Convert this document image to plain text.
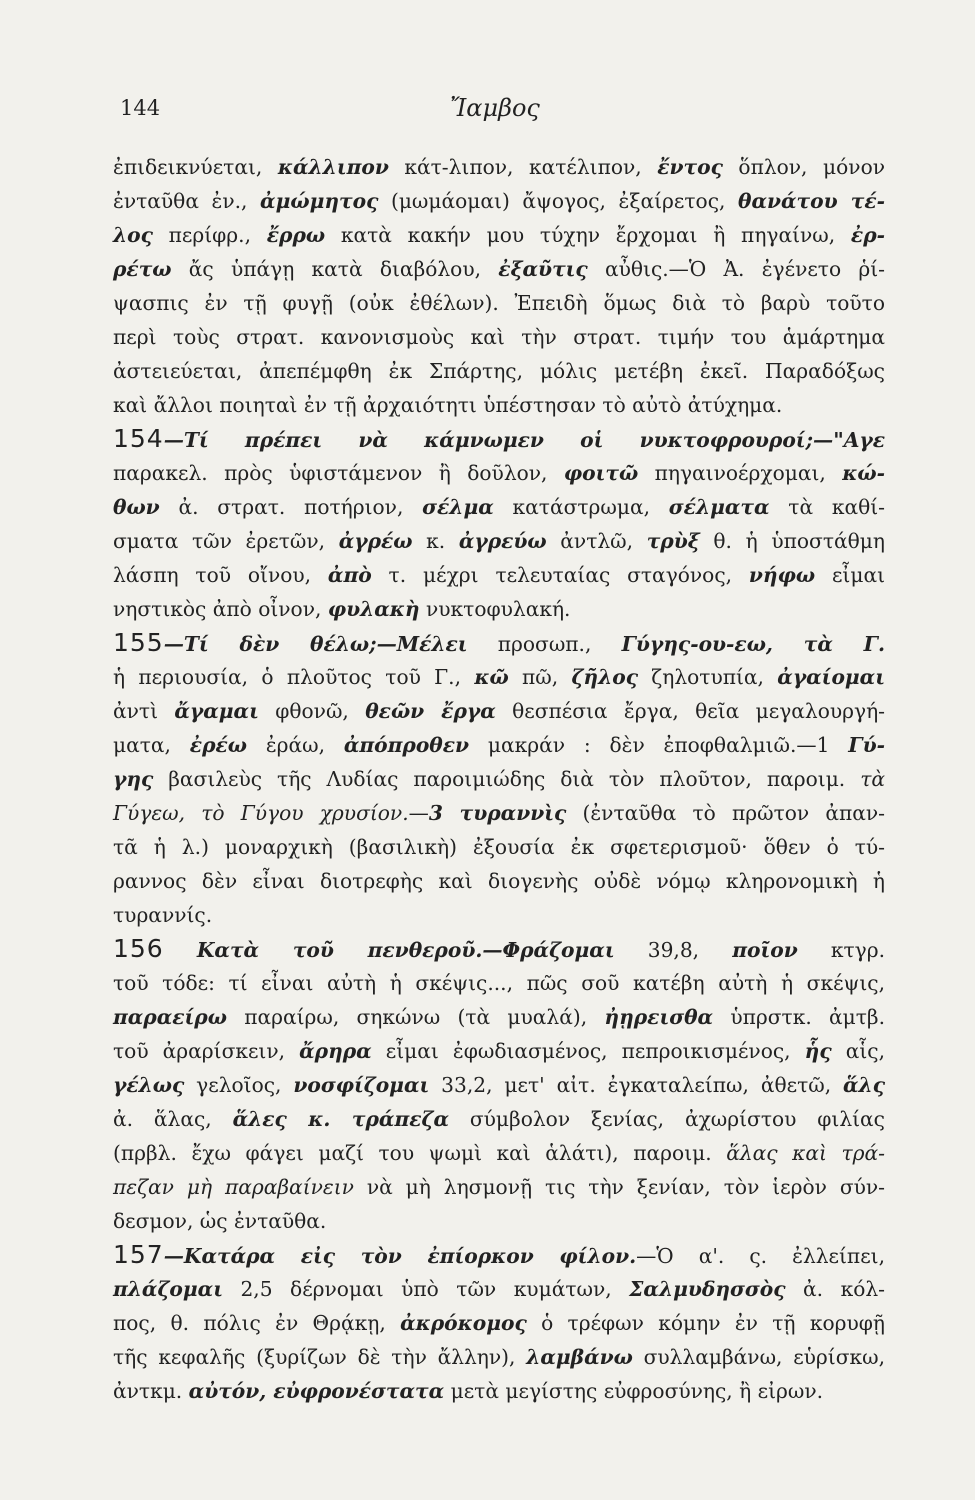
144	Ἴαμβος
ἐπιδεικνύεται, κάλλιπον κάτ-λιπον, κατέλιπον, ἔντος ὅπλον, μόνον
ἐνταῦθα ἐν., ἀμώμητος (μωμάομαι) ἄψογος, ἐξαίρετος, θανάτου τέ-
λος περίφρ., ἔρρω κατὰ κακήν μου τύχην ἔρχομαι ἢ πηγαίνω, ἐρ-
ρέτω ἄς ὑπάγῃ κατὰ διαβόλου, ἐξαῦτις αὖθις.—Ὁ Ἀ. ἐγένετο ῥί-
ψασπις ἐν τῇ φυγῇ (οὐκ ἐθέλων). Ἐπειδὴ ὅμως διὰ τὸ βαρὺ τοῦτο
περὶ τοὺς στρατ. κανονισμοὺς καὶ τὴν στρατ. τιμήν του ἁμάρτημα
ἀστειεύεται, ἀπεπέμφθη ἐκ Σπάρτης, μόλις μετέβη ἐκεῖ. Παραδόξως
καὶ ἄλλοι ποιηταὶ ἐν τῇ ἀρχαιότητι ὑπέστησαν τὸ αὐτὸ ἀτύχημα.
154—Τί πρέπει νὰ κάμνωμεν οἱ νυκτοφρουροί;—"Αγε
παρακελ. πρὸς ὑφιστάμενον ἢ δοῦλον, φοιτῶ πηγαινοέρχομαι, κώ-
θων ἀ. στρατ. ποτήριον, σέλμα κατάστρωμα, σέλματα τὰ καθί-
σματα τῶν ἐρετῶν, ἀγρέω κ. ἀγρεύω ἀντλῶ, τρὺξ θ. ἡ ὑποστάθμη
λάσπη τοῦ οἴνου, ἀπὸ τ. μέχρι τελευταίας σταγόνος, νήφω εἶμαι
νηστικὸς ἀπὸ οἶνον, φυλακὴ νυκτοφυλακή.
155—Τί δὲν θέλω;—Μέλει προσωπ., Γύγης-ου-εω, τὰ Γ.
ἡ περιουσία, ὁ πλοῦτος τοῦ Γ., κῶ πῶ, ζῆλος ζηλοτυπία, ἀγαίομαι
ἀντὶ ἄγαμαι φθονῶ, θεῶν ἔργα θεσπέσια ἔργα, θεῖα μεγαλουργή-
ματα, ἐρέω ἐράω, ἀπόπροθεν μακράν : δὲν ἐποφθαλμιῶ.—1 Γύ-
γης βασιλεὺς τῆς Λυδίας παροιμιώδης διὰ τὸν πλοῦτον, παροιμ. τὰ
Γύγεω, τὸ Γύγου χρυσίον.—3 τυραννὶς (ἐνταῦθα τὸ πρῶτον ἀπαν-
τᾶ ἡ λ.) μοναρχικὴ (βασιλικὴ) ἐξουσία ἐκ σφετερισμοῦ· ὅθεν ὁ τύ-
ραννος δὲν εἶναι διοτρεφὴς καὶ διογενὴς οὐδὲ νόμῳ κληρονομικὴ ἡ
τυραννίς.
156 Κατὰ τοῦ πενθεροῦ.—Φράζομαι 39,8, ποῖον κτγρ.
τοῦ τόδε: τί εἶναι αὐτὴ ἡ σκέψις..., πῶς σοῦ κατέβη αὐτὴ ἡ σκέψις,
παραείρω παραίρω, σηκώνω (τὰ μυαλά), ἠῃρεισθα ὑπρστκ. ἀμτβ.
τοῦ ἀραρίσκειν, ἄρηρα εἶμαι ἐφωδιασμένος, πεπροικισμένος, ἧς αἷς,
γέλως γελοῖος, νοσφίζομαι 33,2, μετ' αἰτ. ἐγκαταλείπω, ἀθετῶ, ἅλς
ἀ. ἅλας, ἅλες κ. τράπεζα σύμβολον ξενίας, ἀχωρίστου φιλίας
(πρβλ. ἔχω φάγει μαζί του ψωμὶ καὶ ἁλάτι), παροιμ. ἅλας καὶ τρά-
πεζαν μὴ παραβαίνειν νὰ μὴ λησμονῇ τις τὴν ξενίαν, τὸν ἱερὸν σύν-
δεσμον, ὡς ἐνταῦθα.
157—Κατάρα εἰς τὸν ἐπίορκον φίλον.—Ὁ α'. ς. ἐλλείπει,
πλάζομαι 2,5 δέρνομαι ὑπὸ τῶν κυμάτων, Σαλμυδησσὸς ἀ. κόλ-
πος, θ. πόλις ἐν Θρᾴκῃ, ἀκρόκομος ὁ τρέφων κόμην ἐν τῇ κορυφῇ
τῆς κεφαλῆς (ξυρίζων δὲ τὴν ἄλλην), λαμβάνω συλλαμβάνω, εὑρίσκω,
ἀντκμ. αὐτόν, εὐφρονέστατα μετὰ μεγίστης εὐφροσύνης, ἢ εἰρων.
